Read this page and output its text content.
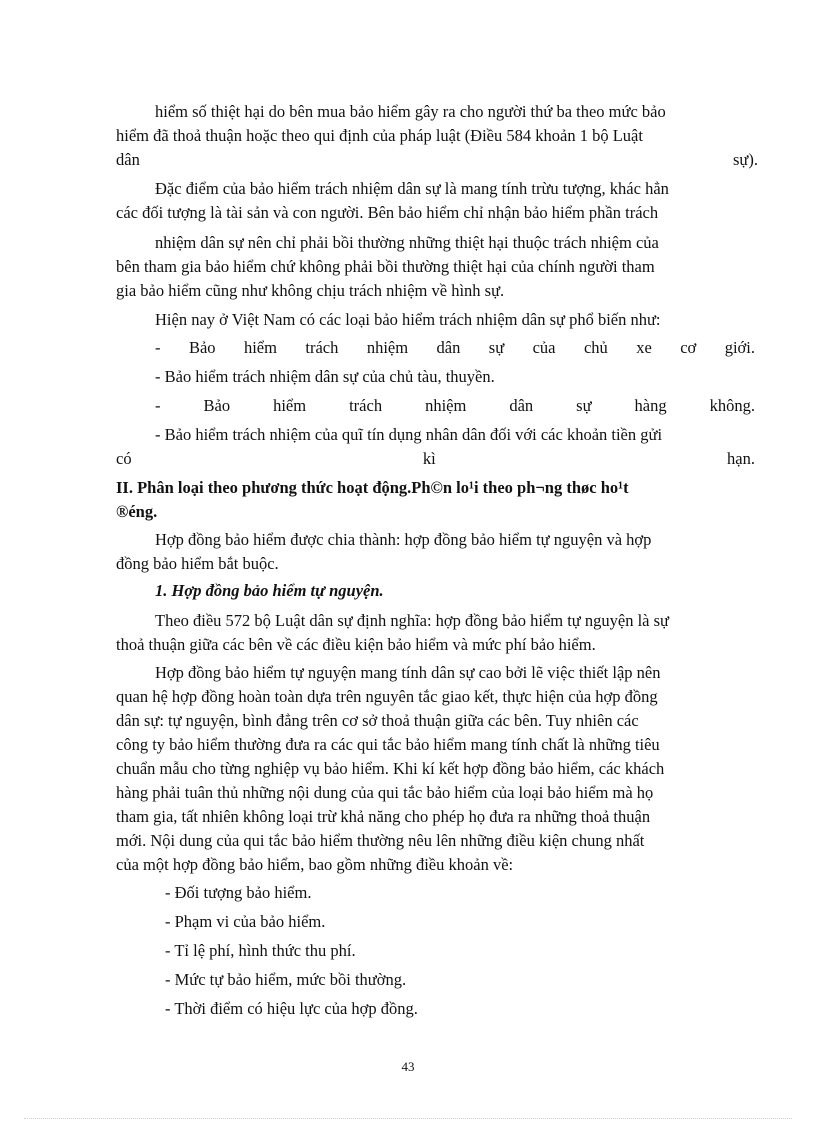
hiểm số thiệt hại do bên mua bảo hiểm gây ra cho người thứ ba theo mức bảo
hiểm đã thoả thuận hoặc theo qui định của pháp luật (Điều 584 khoản 1 bộ Luật
dân	sự).
Đặc điểm của bảo hiểm trách nhiệm dân sự là mang tính trừu tượng, khác hẳn
các đối tượng là tài sản và con người. Bên bảo hiểm chỉ nhận bảo hiểm phần trách
nhiệm dân sự nên chỉ phải bồi thường những thiệt hại thuộc trách nhiệm của
bên tham gia bảo hiểm chứ không phải bồi thường thiệt hại của chính người tham
gia bảo hiểm cũng như không chịu trách nhiệm về hình sự.
Hiện nay ở Việt Nam có các loại bảo hiểm trách nhiệm dân sự phổ biến như:
- Bảo hiểm trách nhiệm dân sự của chủ xe cơ giới.
- Bảo hiểm trách nhiệm dân sự của chủ tàu, thuyền.
-	Bảo	hiểm	trách	nhiệm	dân	sự	hàng	không.
- Bảo hiểm trách nhiệm của quĩ tín dụng nhân dân đối với các khoản tiền gửi
có	kì	hạn.
II. Phân loại theo phương thức hoạt động.Ph©n lo¹i theo ph¬ng thøc ho¹t
®éng.
Hợp đồng bảo hiểm được chia thành: hợp đồng bảo hiểm tự nguyện và hợp
đồng bảo hiểm bắt buộc.
1. Hợp đồng bảo hiểm tự nguyện.
Theo điều 572 bộ Luật dân sự định nghĩa: hợp đồng bảo hiểm tự nguyện là sự
thoả thuận giữa các bên về các điều kiện bảo hiểm và mức phí bảo hiểm.
Hợp đồng bảo hiểm tự nguyện mang tính dân sự cao bởi lẽ việc thiết lập nên
quan hệ hợp đồng hoàn toàn dựa trên nguyên tắc giao kết, thực hiện của hợp đồng
dân sự: tự nguyện, bình đẳng trên cơ sở thoả thuận giữa các bên. Tuy nhiên các
công ty bảo hiểm thường đưa ra các qui tắc bảo hiểm mang tính chất là những tiêu
chuẩn mẫu cho từng nghiệp vụ bảo hiểm. Khi kí kết hợp đồng bảo hiểm, các khách
hàng phải tuân thủ những nội dung của qui tắc bảo hiểm của loại bảo hiểm mà họ
tham gia, tất nhiên không loại trừ khả năng cho phép họ đưa ra những thoả thuận
mới. Nội dung của qui tắc bảo hiểm thường nêu lên những điều kiện chung nhất
của một hợp đồng bảo hiểm, bao gồm những điều khoản về:
- Đối tượng bảo hiểm.
- Phạm vi của bảo hiểm.
- Tỉ lệ phí, hình thức thu phí.
- Mức tự bảo hiểm, mức bồi thường.
- Thời điểm có hiệu lực của hợp đồng.
43
